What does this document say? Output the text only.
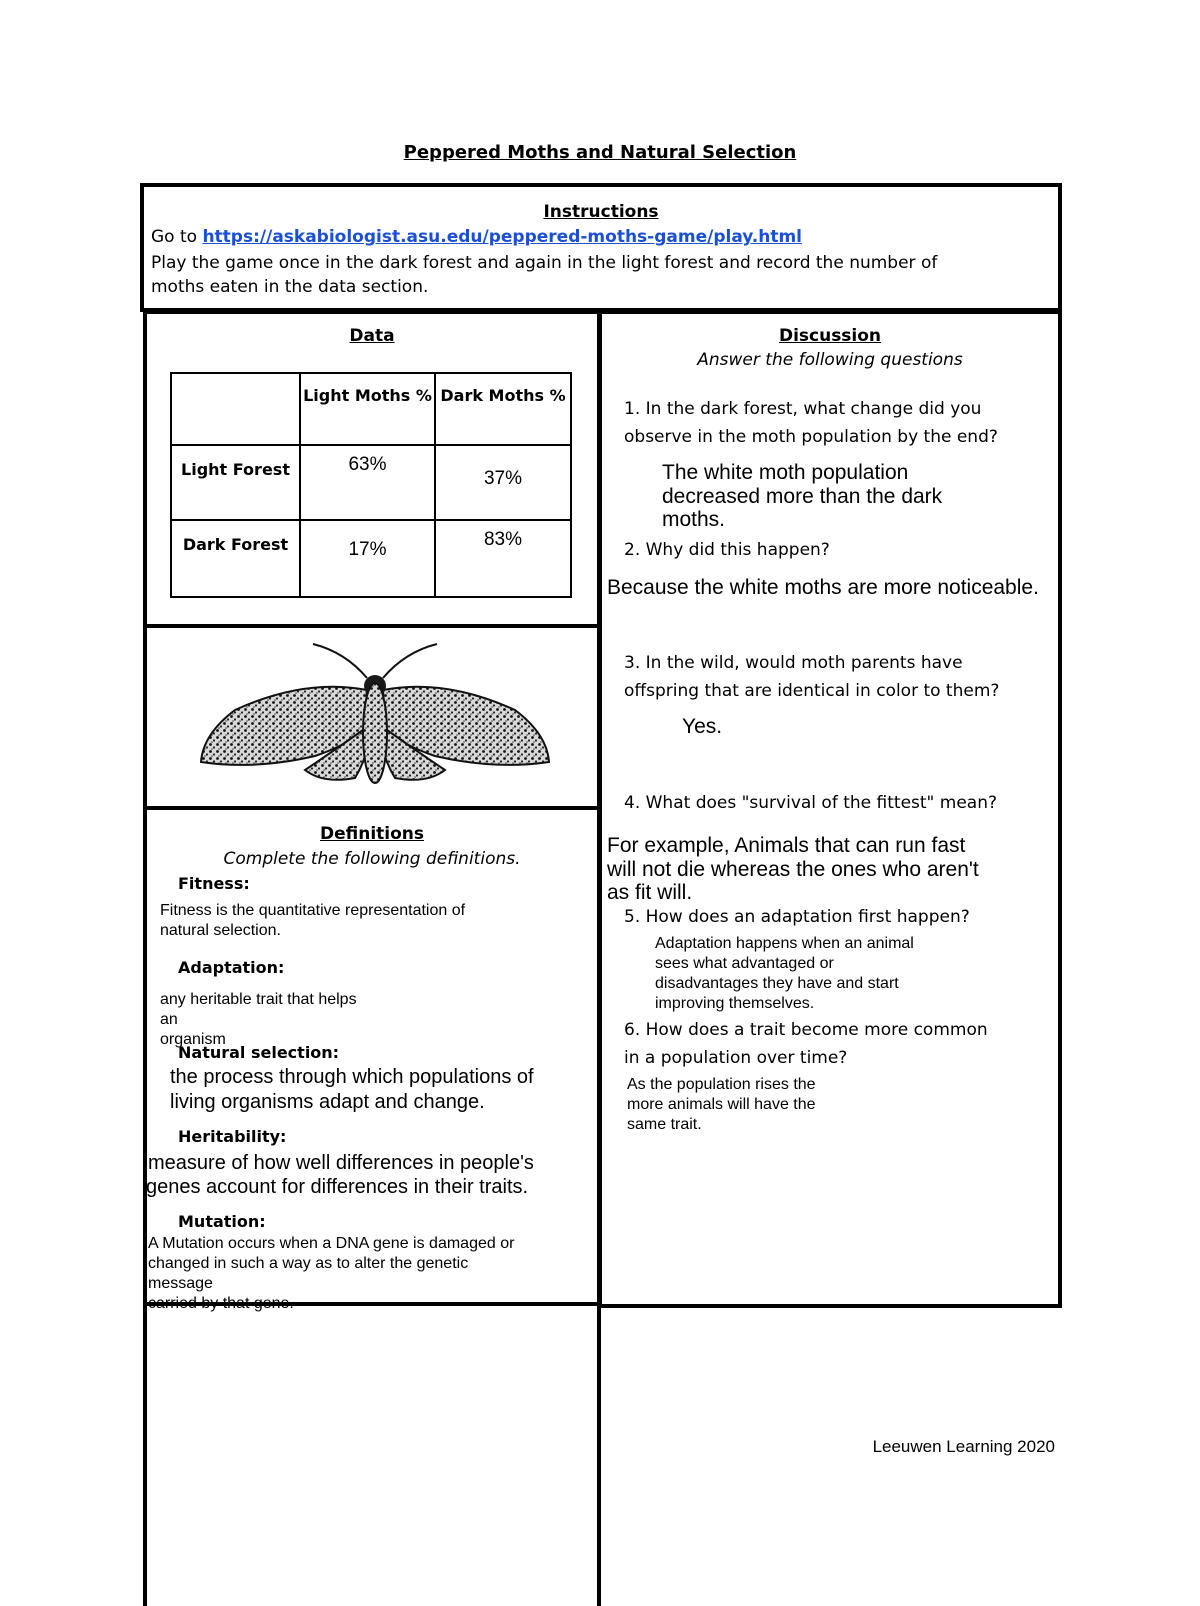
Peppered Moths and Natural Selection
Instructions
Go to https://askabiologist.asu.edu/peppered-moths-game/play.html
Play the game once in the dark forest and again in the light forest and record the number of
moths eaten in the data section.
Data
	Light Moths %	Dark Moths %
Light Forest	63%	37%
Dark Forest	17%	83%
Definitions
Complete the following definitions.
Fitness:
Fitness is the quantitative representation of
natural selection.
Adaptation:
any heritable trait that helps
an
organism
Natural selection:
the process through which populations of
living organisms adapt and change.
Heritability:
measure of how well differences in people's
genes account for differences in their traits.
Mutation:
A Mutation occurs when a DNA gene is damaged or
changed in such a way as to alter the genetic
message
Discussion
Answer the following questions
1. In the dark forest, what change did you
observe in the moth population by the end?
The white moth population
decreased more than the dark
moths.
2. Why did this happen?
Because the white moths are more noticeable.
3. In the wild, would moth parents have
offspring that are identical in color to them?
Yes.
4. What does "survival of the fittest" mean?
For example, Animals that can run fast
will not die whereas the ones who aren't
as fit will.
5. How does an adaptation first happen?
Adaptation happens when an animal
sees what advantaged or
disadvantages they have and start
improving themselves.
6. How does a trait become more common
in a population over time?
As the population rises the
more animals will have the
same trait.
Leeuwen Learning 2020
